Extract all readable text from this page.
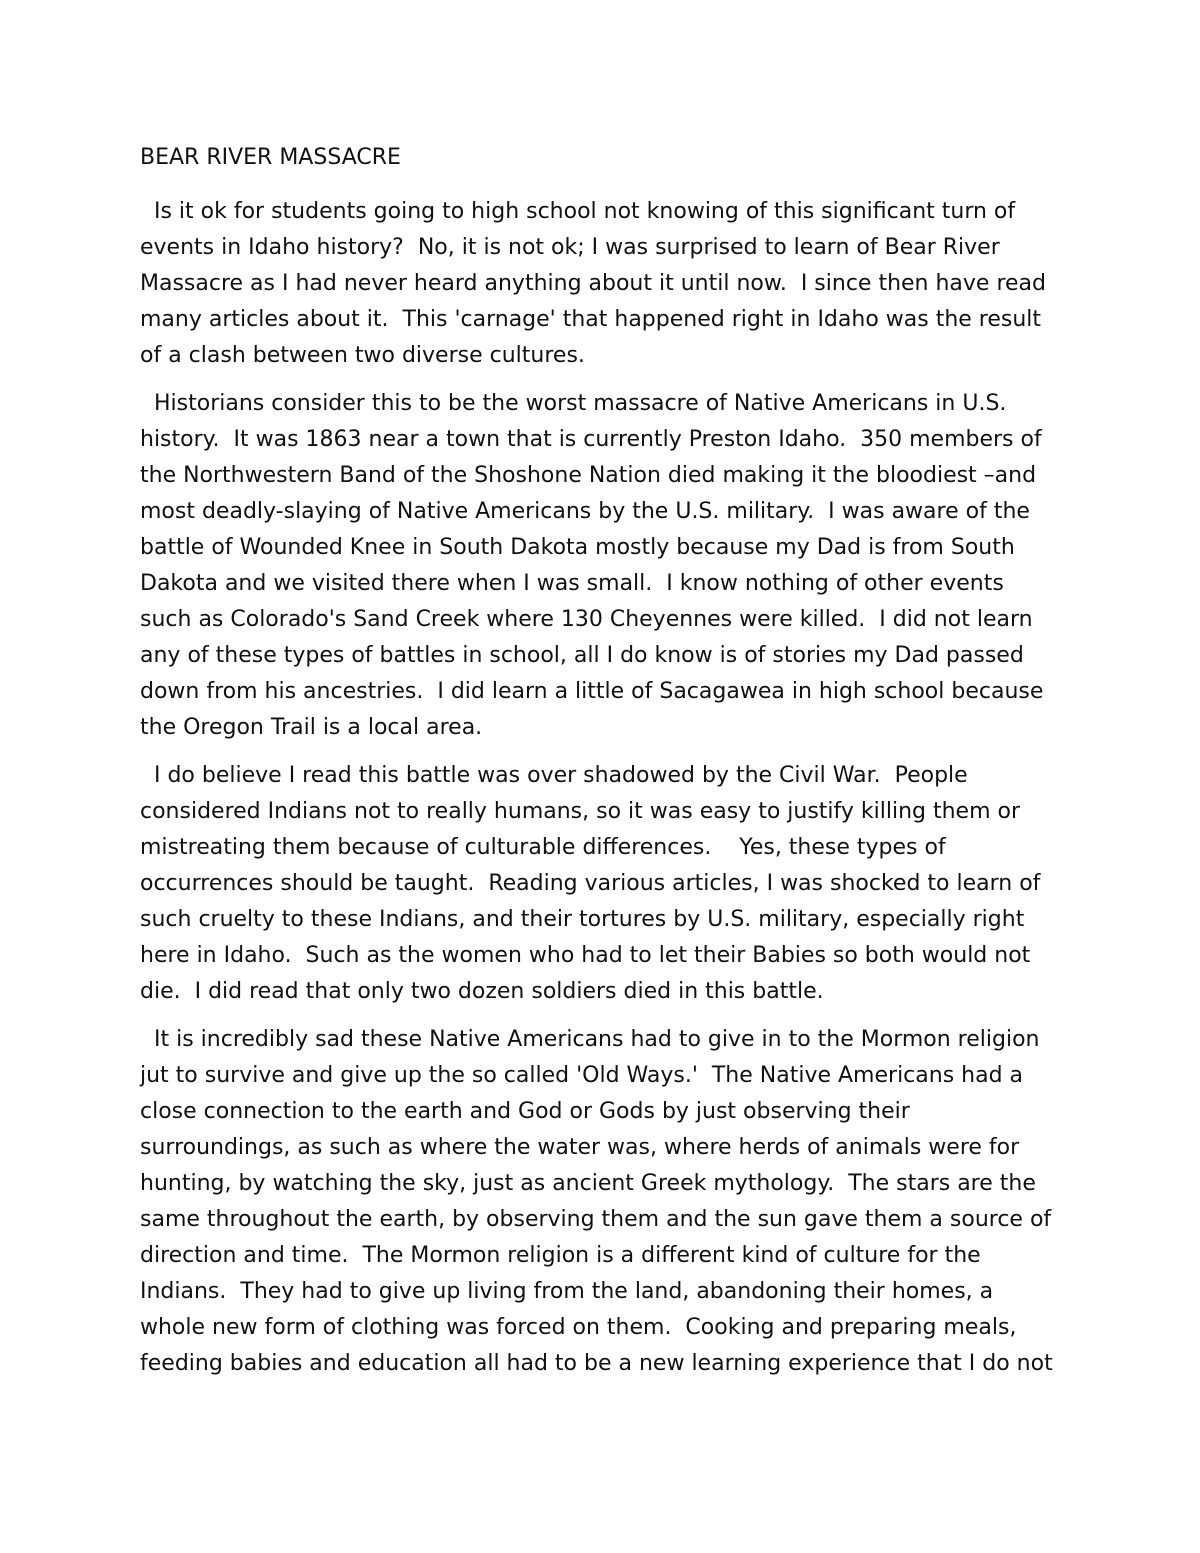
BEAR RIVER MASSACRE
Is it ok for students going to high school not knowing of this significant turn of
events in Idaho history?  No, it is not ok; I was surprised to learn of Bear River
Massacre as I had never heard anything about it until now.  I since then have read
many articles about it.  This 'carnage' that happened right in Idaho was the result
of a clash between two diverse cultures.
Historians consider this to be the worst massacre of Native Americans in U.S.
history.  It was 1863 near a town that is currently Preston Idaho.  350 members of
the Northwestern Band of the Shoshone Nation died making it the bloodiest –and
most deadly-slaying of Native Americans by the U.S. military.  I was aware of the
battle of Wounded Knee in South Dakota mostly because my Dad is from South
Dakota and we visited there when I was small.  I know nothing of other events
such as Colorado's Sand Creek where 130 Cheyennes were killed.  I did not learn
any of these types of battles in school, all I do know is of stories my Dad passed
down from his ancestries.  I did learn a little of Sacagawea in high school because
the Oregon Trail is a local area.
I do believe I read this battle was over shadowed by the Civil War.  People
considered Indians not to really humans, so it was easy to justify killing them or
mistreating them because of culturable differences.    Yes, these types of
occurrences should be taught.  Reading various articles, I was shocked to learn of
such cruelty to these Indians, and their tortures by U.S. military, especially right
here in Idaho.  Such as the women who had to let their Babies so both would not
die.  I did read that only two dozen soldiers died in this battle.
It is incredibly sad these Native Americans had to give in to the Mormon religion
jut to survive and give up the so called 'Old Ways.'  The Native Americans had a
close connection to the earth and God or Gods by just observing their
surroundings, as such as where the water was, where herds of animals were for
hunting, by watching the sky, just as ancient Greek mythology.  The stars are the
same throughout the earth, by observing them and the sun gave them a source of
direction and time.  The Mormon religion is a different kind of culture for the
Indians.  They had to give up living from the land, abandoning their homes, a
whole new form of clothing was forced on them.  Cooking and preparing meals,
feeding babies and education all had to be a new learning experience that I do not
